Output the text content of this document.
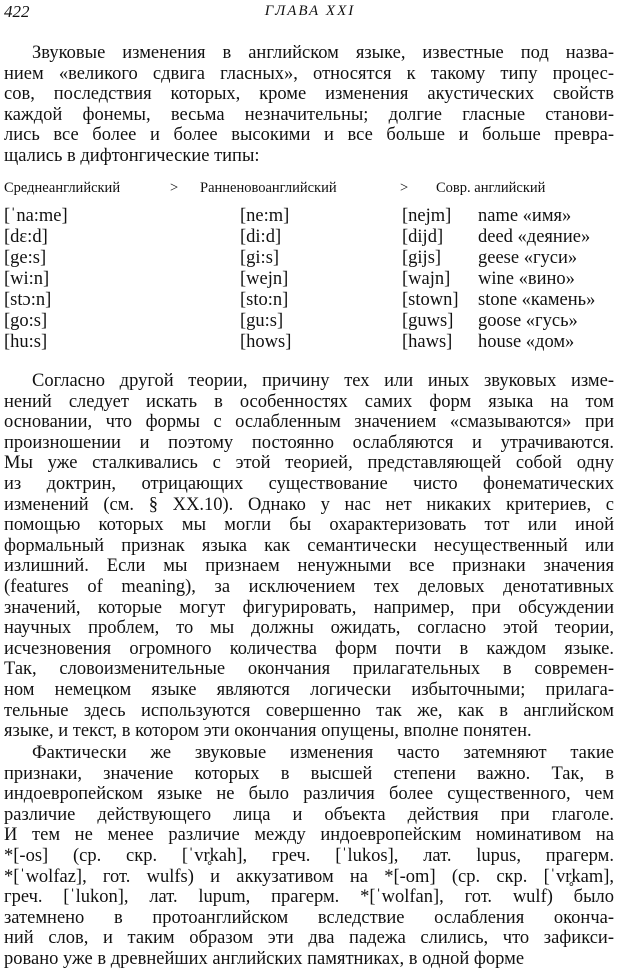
422	ГЛАВА XXI
Звуковые изменения в английском языке, известные под назва-
нием «великого сдвига гласных», относятся к такому типу процес-
сов, последствия которых, кроме изменения акустических свойств
каждой фонемы, весьма незначительны; долгие гласные станови-
лись все более и более высокими и все больше и больше превра-
щались в дифтонгические типы:
Среднеанглийский	> Ранненовоанглийский	> Совр. английский
[ˈna:me]	[ne:m]	[nejm] name «имя»
[dɛ:d]	[di:d]	[dijd] deed «деяние»
[ge:s]	[gi:s]	[gijs] geese «гуси»
[wi:n]	[wejn]	[wajn] wine «вино»
[stɔ:n]	[sto:n]	[stown] stone «камень»
[go:s]	[gu:s]	[guws] goose «гусь»
[hu:s]	[hows]	[haws] house «дом»
Согласно другой теории, причину тех или иных звуковых изме-
нений следует искать в особенностях самих форм языка на том
основании, что формы с ослабленным значением «смазываются» при
произношении и поэтому постоянно ослабляются и утрачиваются.
Мы уже сталкивались с этой теорией, представляющей собой одну
из доктрин, отрицающих существование чисто фонематических
изменений (см. § XX.10). Однако у нас нет никаких критериев, с
помощью которых мы могли бы охарактеризовать тот или иной
формальный признак языка как семантически несущественный или
излишний. Если мы признаем ненужными все признаки значения
(features of meaning), за исключением тех деловых денотативных
значений, которые могут фигурировать, например, при обсуждении
научных проблем, то мы должны ожидать, согласно этой теории,
исчезновения огромного количества форм почти в каждом языке.
Так, словоизменительные окончания прилагательных в современ-
ном немецком языке являются логически избыточными; прилага-
тельные здесь используются совершенно так же, как в английском
языке, и текст, в котором эти окончания опущены, вполне понятен.
Фактически же звуковые изменения часто затемняют такие
признаки, значение которых в высшей степени важно. Так, в
индоевропейском языке не было различия более существенного, чем
различие действующего лица и объекта действия при глаголе.
И тем не менее различие между индоевропейским номинативом на
*[-os] (ср. скр. [ˈvr̥kah], греч. [ˈlukos], лат. lupus, прагерм.
*[ˈwolfaz], гот. wulfs) и аккузативом на *[-om] (ср. скр. [ˈvr̥kam],
греч. [ˈlukon], лат. lupum, прагерм. *[ˈwolfan], гот. wulf) было
затемнено в протоанглийском вследствие ослабления оконча-
ний слов, и таким образом эти два падежа слились, что зафикси-
ровано уже в древнейших английских памятниках, в одной форме
